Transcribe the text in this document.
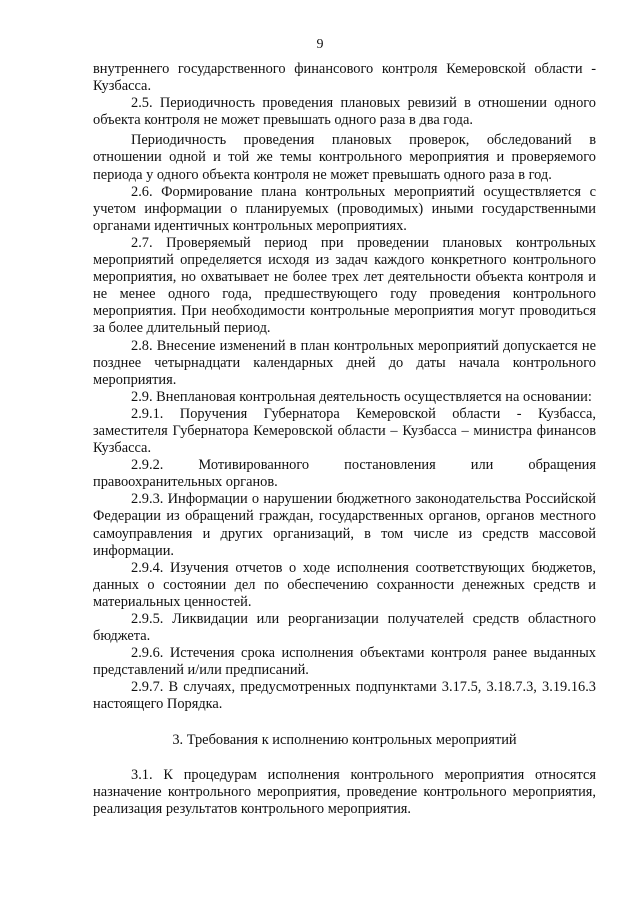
9

внутреннего государственного финансового контроля Кемеровской области - Кузбасса.

2.5. Периодичность проведения плановых ревизий в отношении одного объекта контроля не может превышать одного раза в два года.

Периодичность проведения плановых проверок, обследований в отношении одной и той же темы контрольного мероприятия и проверяемого периода у одного объекта контроля не может превышать одного раза в год.

2.6. Формирование плана контрольных мероприятий осуществляется с учетом информации о планируемых (проводимых) иными государственными органами идентичных контрольных мероприятиях.

2.7. Проверяемый период при проведении плановых контрольных мероприятий определяется исходя из задач каждого конкретного контрольного мероприятия, но охватывает не более трех лет деятельности объекта контроля и не менее одного года, предшествующего году проведения контрольного мероприятия. При необходимости контрольные мероприятия могут проводиться за более длительный период.

2.8. Внесение изменений в план контрольных мероприятий допускается не позднее четырнадцати календарных дней до даты начала контрольного мероприятия.

2.9. Внеплановая контрольная деятельность осуществляется на основании:

2.9.1. Поручения Губернатора Кемеровской области - Кузбасса, заместителя Губернатора Кемеровской области – Кузбасса – министра финансов Кузбасса.

2.9.2. Мотивированного постановления или обращения правоохранительных органов.

2.9.3. Информации о нарушении бюджетного законодательства Российской Федерации из обращений граждан, государственных органов, органов местного самоуправления и других организаций, в том числе из средств массовой информации.

2.9.4. Изучения отчетов о ходе исполнения соответствующих бюджетов, данных о состоянии дел по обеспечению сохранности денежных средств и материальных ценностей.

2.9.5. Ликвидации или реорганизации получателей средств областного бюджета.

2.9.6. Истечения срока исполнения объектами контроля ранее выданных представлений и/или предписаний.

2.9.7. В случаях, предусмотренных подпунктами 3.17.5, 3.18.7.3, 3.19.16.3 настоящего Порядка.

3. Требования к исполнению контрольных мероприятий

3.1. К процедурам исполнения контрольного мероприятия относятся назначение контрольного мероприятия, проведение контрольного мероприятия, реализация результатов контрольного мероприятия.
